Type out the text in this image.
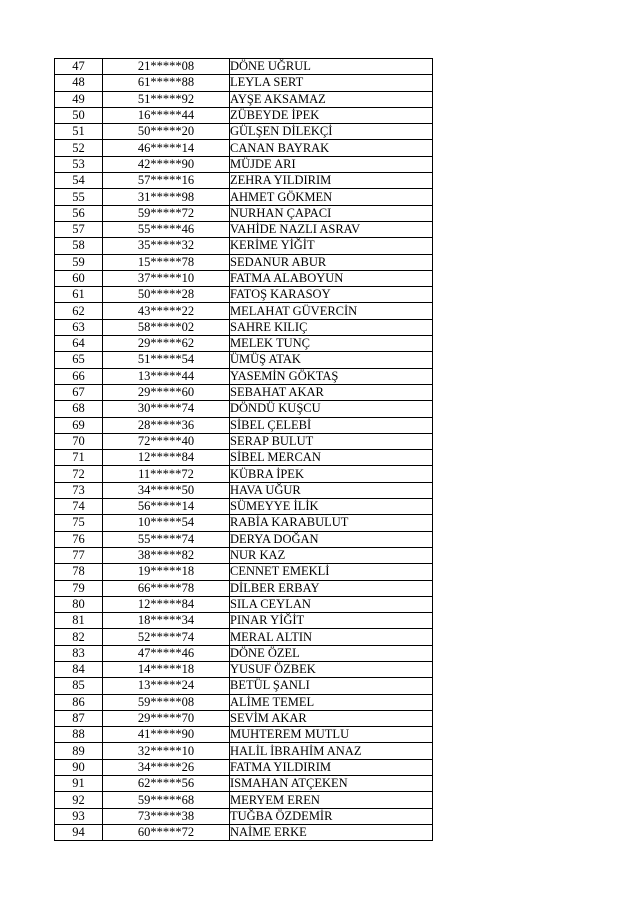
47	21*****08	DÖNE UĞRUL
48	61*****88	LEYLA SERT
49	51*****92	AYŞE AKSAMAZ
50	16*****44	ZÜBEYDE İPEK
51	50*****20	GÜLŞEN DİLEKÇİ
52	46*****14	CANAN BAYRAK
53	42*****90	MÜJDE ARI
54	57*****16	ZEHRA YILDIRIM
55	31*****98	AHMET GÖKMEN
56	59*****72	NURHAN ÇAPACI
57	55*****46	VAHİDE NAZLI ASRAV
58	35*****32	KERİME YİĞİT
59	15*****78	SEDANUR ABUR
60	37*****10	FATMA ALABOYUN
61	50*****28	FATOŞ KARASOY
62	43*****22	MELAHAT GÜVERCİN
63	58*****02	SAHRE KILIÇ
64	29*****62	MELEK TUNÇ
65	51*****54	ÜMÜŞ ATAK
66	13*****44	YASEMİN GÖKTAŞ
67	29*****60	SEBAHAT AKAR
68	30*****74	DÖNDÜ KUŞCU
69	28*****36	SİBEL ÇELEBİ
70	72*****40	SERAP BULUT
71	12*****84	SİBEL MERCAN
72	11*****72	KÜBRA İPEK
73	34*****50	HAVA UĞUR
74	56*****14	SÜMEYYE İLİK
75	10*****54	RABİA KARABULUT
76	55*****74	DERYA DOĞAN
77	38*****82	NUR KAZ
78	19*****18	CENNET EMEKLİ
79	66*****78	DİLBER ERBAY
80	12*****84	SILA CEYLAN
81	18*****34	PINAR YİĞİT
82	52*****74	MERAL ALTIN
83	47*****46	DÖNE ÖZEL
84	14*****18	YUSUF ÖZBEK
85	13*****24	BETÜL ŞANLI
86	59*****08	ALİME TEMEL
87	29*****70	SEVİM AKAR
88	41*****90	MUHTEREM MUTLU
89	32*****10	HALİL İBRAHİM ANAZ
90	34*****26	FATMA YILDIRIM
91	62*****56	ISMAHAN ATÇEKEN
92	59*****68	MERYEM EREN
93	73*****38	TUĞBA ÖZDEMİR
94	60*****72	NAİME ERKE
